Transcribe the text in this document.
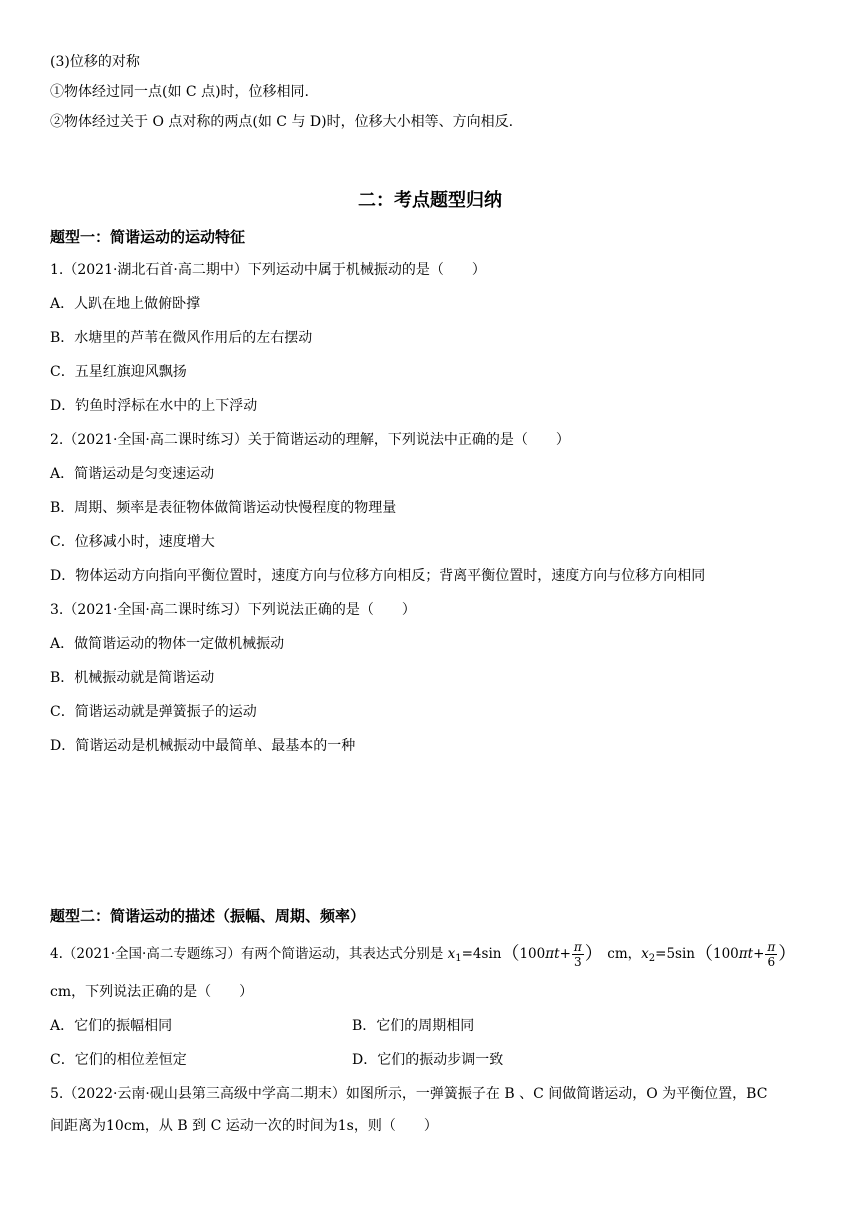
(3)位移的对称
①物体经过同一点(如 C 点)时，位移相同.
②物体经过关于 O 点对称的两点(如 C 与 D)时，位移大小相等、方向相反.
二：考点题型归纳
题型一：简谐运动的运动特征
1.（2021·湖北石首·高二期中）下列运动中属于机械振动的是（　　）
A．人趴在地上做俯卧撑
B．水塘里的芦苇在微风作用后的左右摆动
C．五星红旗迎风飘扬
D．钓鱼时浮标在水中的上下浮动
2.（2021·全国·高二课时练习）关于简谐运动的理解，下列说法中正确的是（　　）
A．简谐运动是匀变速运动
B．周期、频率是表征物体做简谐运动快慢程度的物理量
C．位移减小时，速度增大
D．物体运动方向指向平衡位置时，速度方向与位移方向相反；背离平衡位置时，速度方向与位移方向相同
3.（2021·全国·高二课时练习）下列说法正确的是（　　）
A．做简谐运动的物体一定做机械振动
B．机械振动就是简谐运动
C．简谐运动就是弹簧振子的运动
D．简谐运动是机械振动中最简单、最基本的一种
题型二：简谐运动的描述（振幅、周期、频率）
4.（2021·全国·高二专题练习）有两个简谐运动，其表达式分别是 $x_1=4\sin(100\pi t+ \frac{\pi}{3}$ ）　cm，$x_2=5\sin(100\pi t+ \frac{\pi}{6}$ ）
cm，下列说法正确的是（　　）
A．它们的振幅相同	B．它们的周期相同
C．它们的相位差恒定	D．它们的振动步调一致
5.（2022·云南·砚山县第三高级中学高二期末）如图所示，一弹簧振子在 B 、C 间做简谐运动，O 为平衡位置，BC
间距离为10cm，从 B 到 C 运动一次的时间为1s，则（　　）
